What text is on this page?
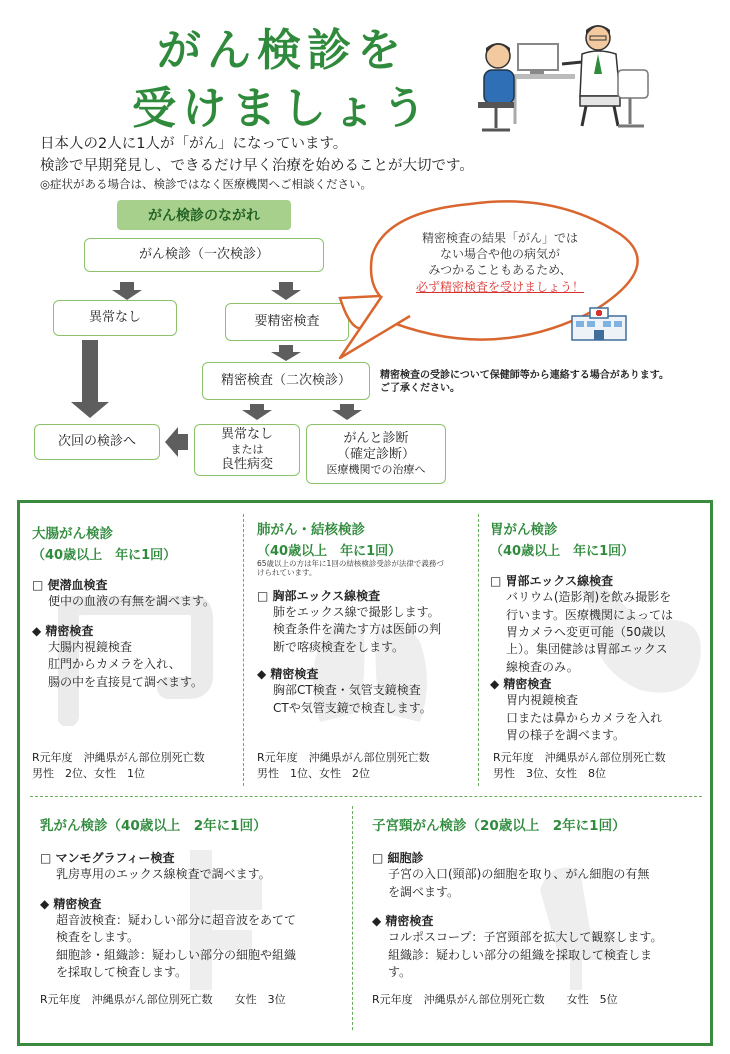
がん検診を
受けましょう
日本人の2人に1人が「がん」になっています。
検診で早期発見し、できるだけ早く治療を始めることが大切です。
◎症状がある場合は、検診ではなく医療機関へご相談ください。
がん検診のながれ
がん検診（一次検診）
異常なし	要精密検査
精密検査（二次検診）
次回の検診へ	異常なし
または
良性病変
がんと診断
（確定診断）
医療機関での治療へ
精密検査の結果「がん」では
ない場合や他の病気が
みつかることもあるため、
必ず精密検査を受けましょう！
精密検査の受診について保健師等から連絡する場合があります。
ご了承ください。
大腸がん検診
（40歳以上　年に1回）
□ 便潜血検査
便中の血液の有無を調べます。
◆ 精密検査
大腸内視鏡検査
肛門からカメラを入れ、
腸の中を直接見て調べます。
R元年度　沖縄県がん部位別死亡数
男性　2位、女性　1位
肺がん・結核検診
（40歳以上　年に1回）
65歳以上の方は年に1回の結核検診受診が法律で義務づ
けられています。
□ 胸部エックス線検査
肺をエックス線で撮影します。
検査条件を満たす方は医師の判
断で喀痰検査をします。
◆ 精密検査
胸部CT検査・気管支鏡検査
CTや気管支鏡で検査します。
R元年度　沖縄県がん部位別死亡数
男性　1位、女性　2位
胃がん検診
（40歳以上　年に1回）
□ 胃部エックス線検査
バリウム(造影剤)を飲み撮影を
行います。医療機関によっては
胃カメラへ変更可能（50歳以
上）。集団健診は胃部エックス
線検査のみ。
◆ 精密検査
胃内視鏡検査
口または鼻からカメラを入れ
胃の様子を調べます。
R元年度　沖縄県がん部位別死亡数
男性　3位、女性　8位
乳がん検診（40歳以上　2年に1回）
□ マンモグラフィー検査
乳房専用のエックス線検査で調べます。
◆ 精密検査
超音波検査：疑わしい部分に超音波をあてて
検査をします。
細胞診・組織診：疑わしい部分の細胞や組織
を採取して検査します。
R元年度　沖縄県がん部位別死亡数　　女性　3位
子宮頸がん検診（20歳以上　2年に1回）
□ 細胞診
子宮の入口(頸部)の細胞を取り、がん細胞の有無
を調べます。
◆ 精密検査
コルポスコープ：子宮頸部を拡大して観察します。
組織診：疑わしい部分の組織を採取して検査しま
す。
R元年度　沖縄県がん部位別死亡数　　女性　5位
